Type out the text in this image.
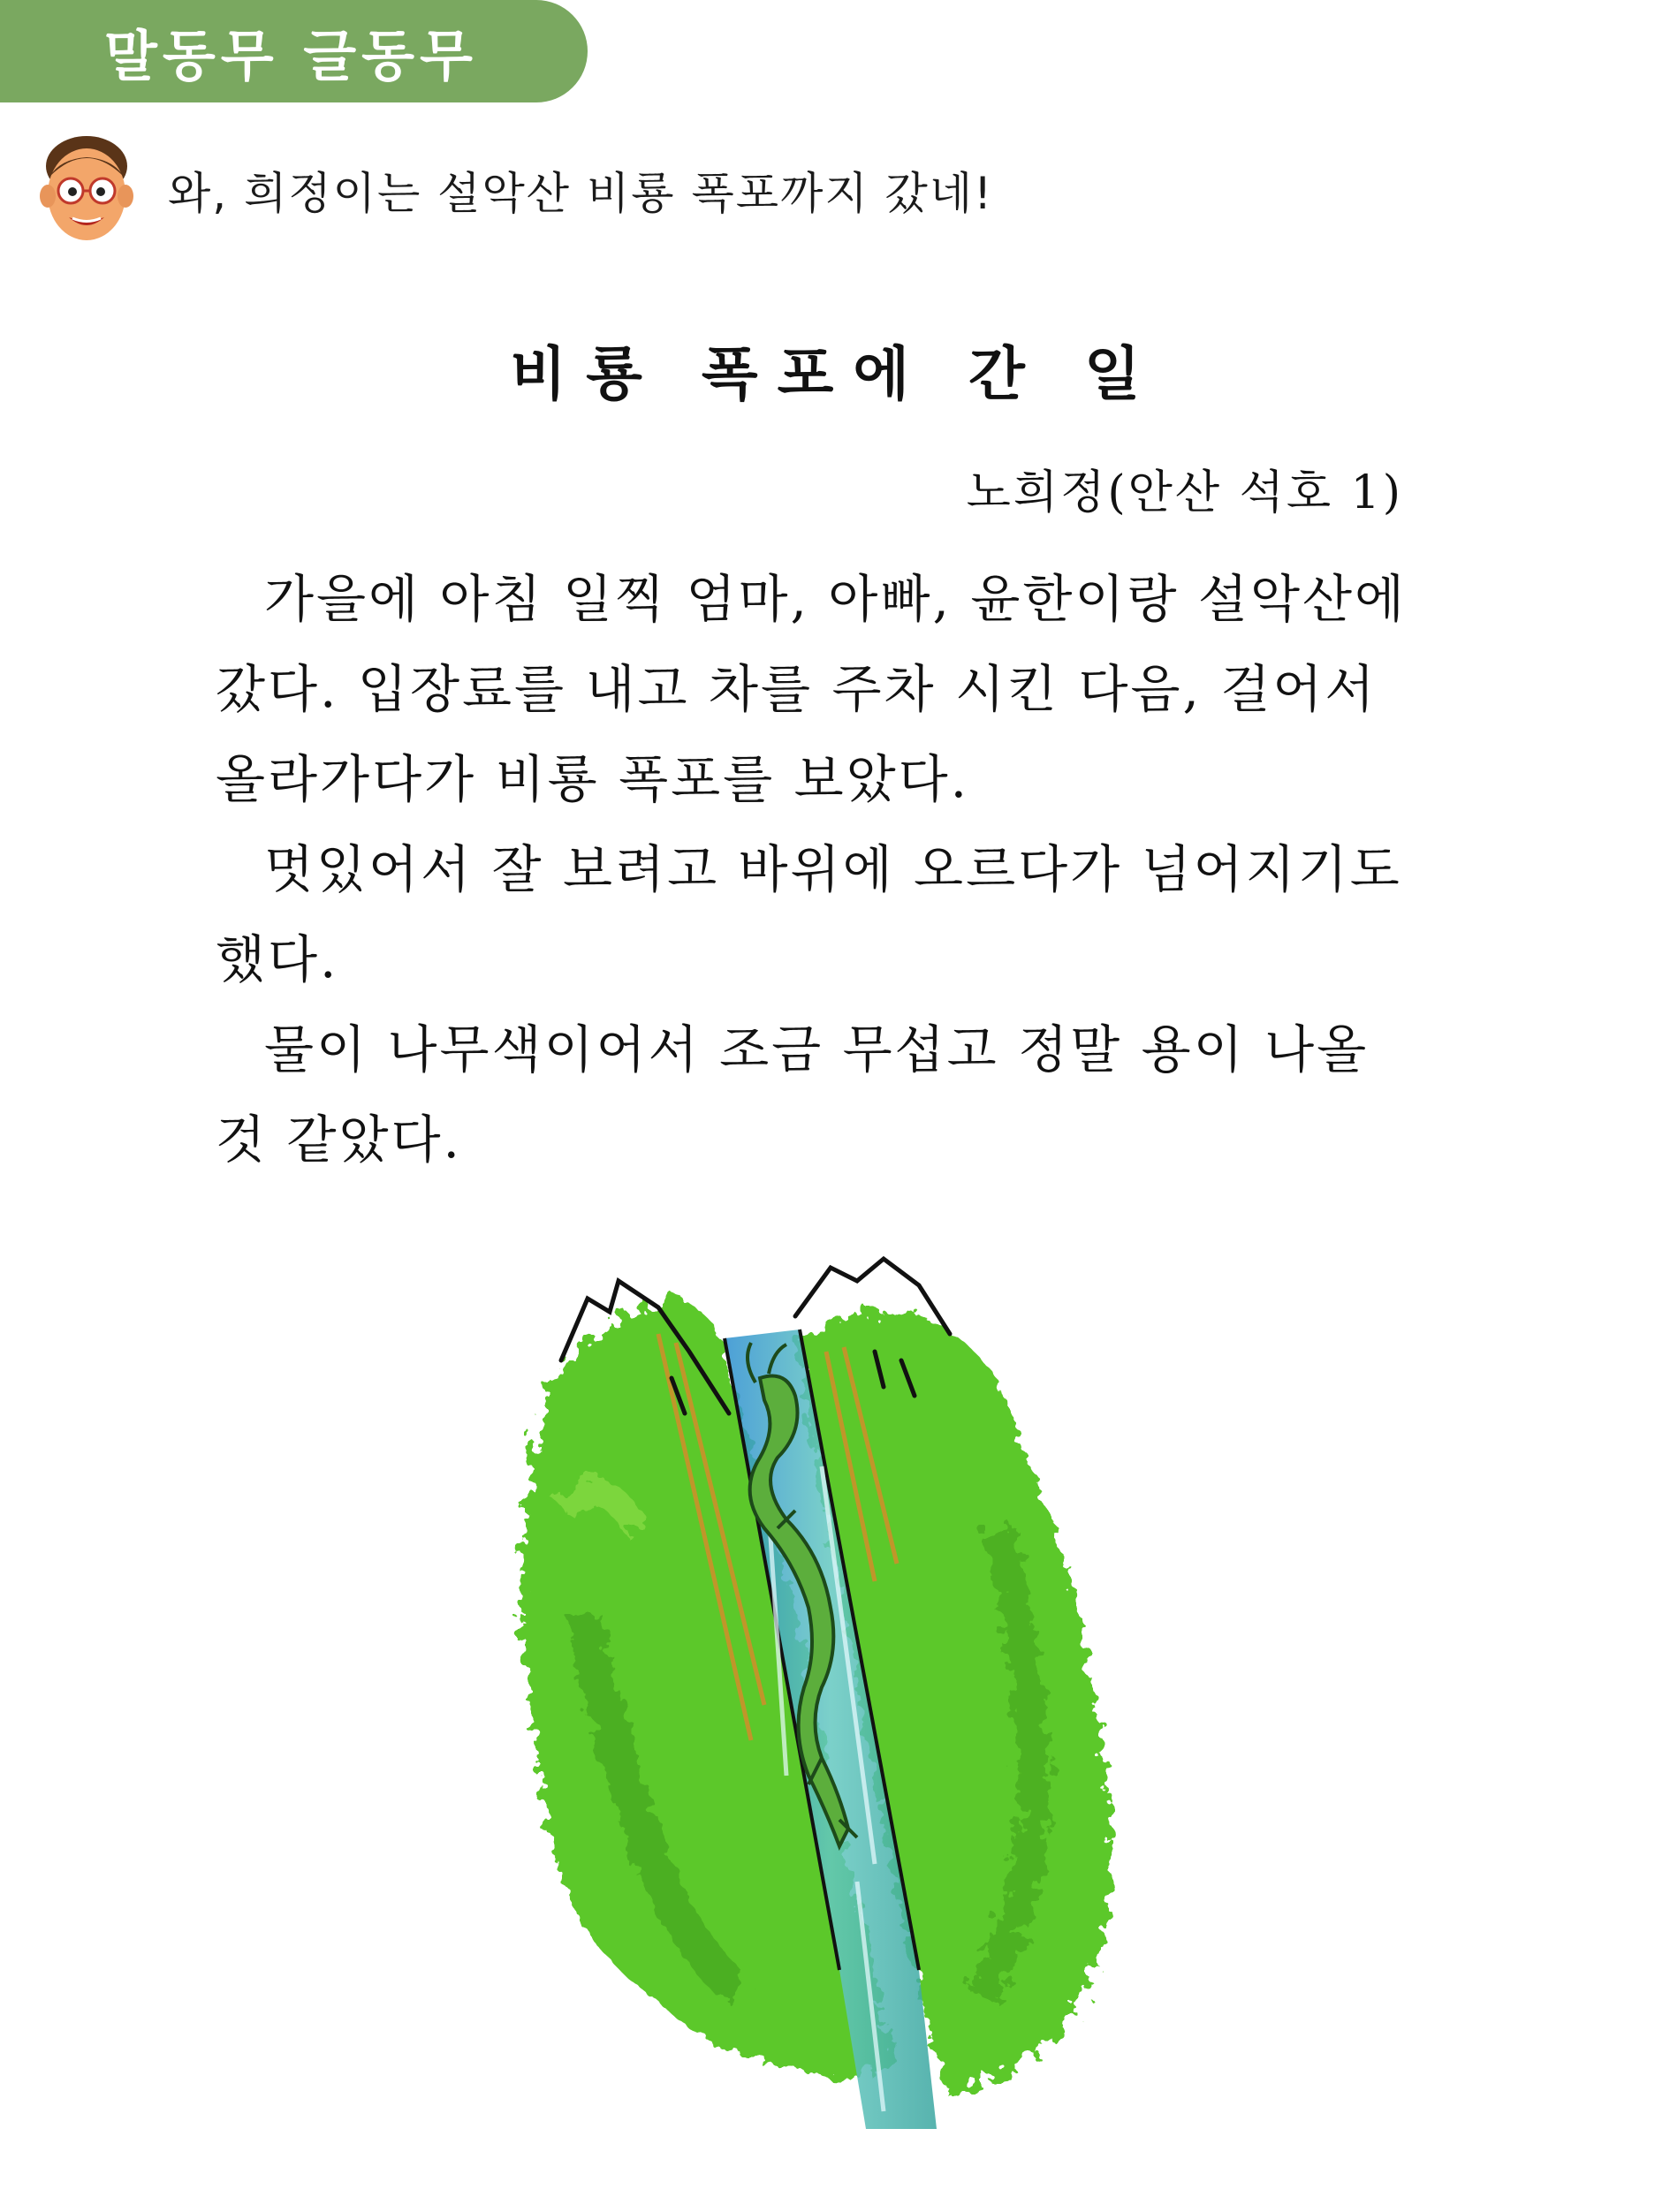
말동무 글동무
와, 희정이는 설악산 비룡 폭포까지 갔네!
비룡 폭포에 간 일

노희정(안산 석호 1)

가을에 아침 일찍 엄마, 아빠, 윤한이랑 설악산에
갔다. 입장료를 내고 차를 주차 시킨 다음, 걸어서
올라가다가 비룡 폭포를 보았다.

멋있어서 잘 보려고 바위에 오르다가 넘어지기도
했다.

물이 나무색이어서 조금 무섭고 정말 용이 나올
것 같았다.
